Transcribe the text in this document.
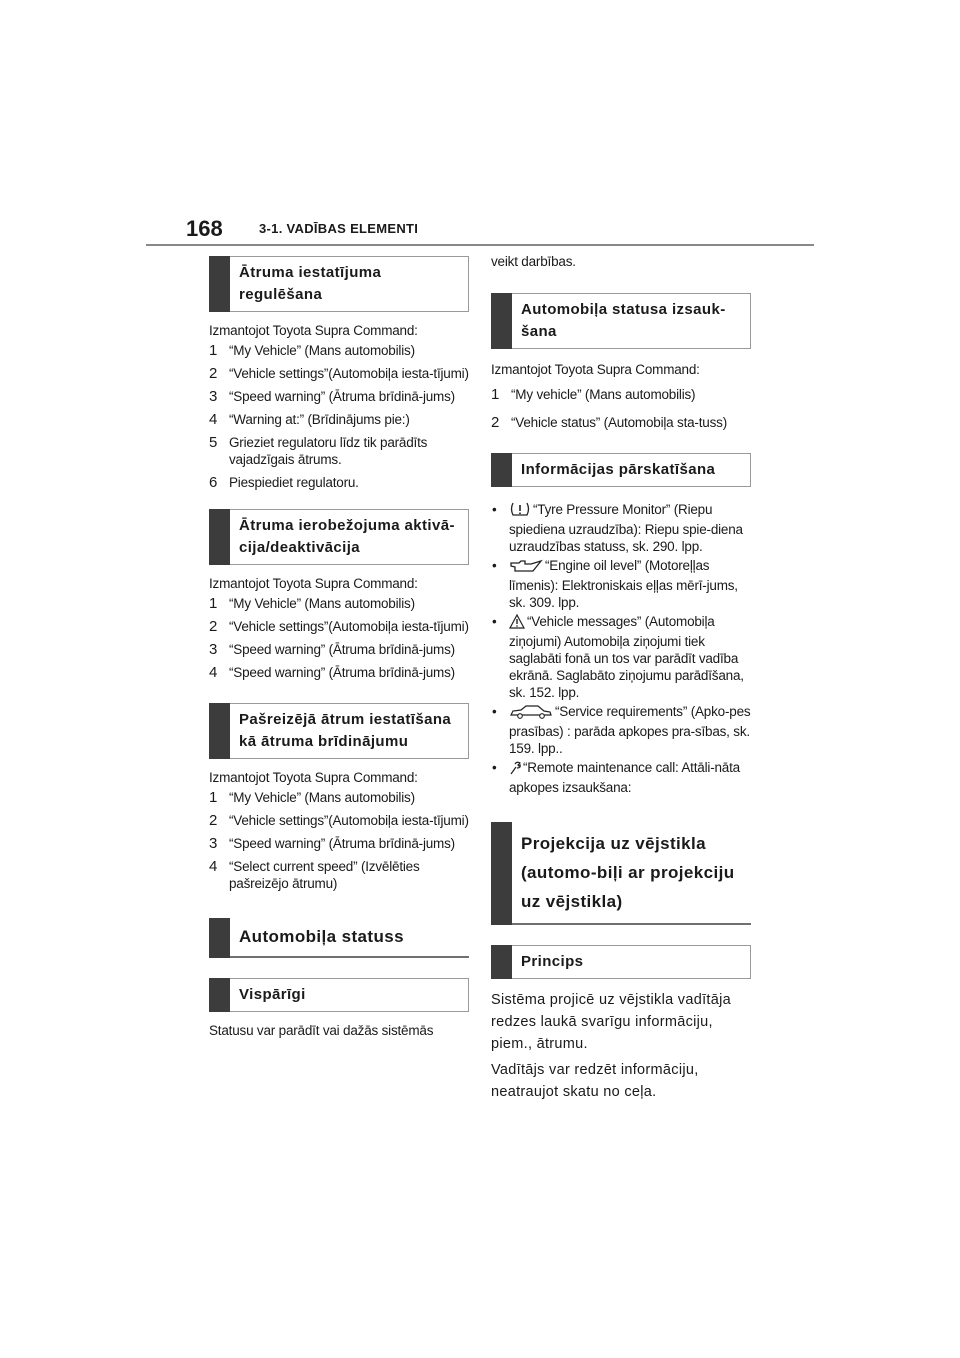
168	3-1. VADĪBAS ELEMENTI
Ātruma iestatījuma regulēšana

Izmantojot Toyota Supra Command:

1 “My Vehicle” (Mans automobilis)
2 “Vehicle settings”(Automobiļa iesta-tījumi)
3 “Speed warning” (Ātruma brīdinā-jums)
4 “Warning at:” (Brīdinājums pie:)
5 Grieziet regulatoru līdz tik parādīts vajadzīgais ātrums.
6 Piespiediet regulatoru.
Ātruma ierobežojuma aktivā-cija/deaktivācija

Izmantojot Toyota Supra Command:

1 “My Vehicle” (Mans automobilis)
2 “Vehicle settings”(Automobiļa iesta-tījumi)
3 “Speed warning” (Ātruma brīdinā-jums)
4 “Speed warning” (Ātruma brīdinā-jums)
Pašreizējā ātrum iestatīšana kā ātruma brīdinājumu

Izmantojot Toyota Supra Command:

1 “My Vehicle” (Mans automobilis)
2 “Vehicle settings”(Automobiļa iesta-tījumi)
3 “Speed warning” (Ātruma brīdinā-jums)
4 “Select current speed” (Izvēlēties pašreizējo ātrumu)
Automobiļa statuss
Vispārīgi

Statusu var parādīt vai dažās sistēmās

veikt darbības.

Automobiļa statusa izsauk-šana

Izmantojot Toyota Supra Command:

1 “My vehicle” (Mans automobilis)
2 “Vehicle status” (Automobiļa sta-tuss)
Informācijas pārskatīšana
• “Tyre Pressure Monitor” (Riepu spiediena uzraudzība): Riepu spie-diena uzraudzības statuss, sk. 290. lpp.
• “Engine oil level” (Motoreļļas līmenis): Elektroniskais eļļas mērī-jums, sk. 309. lpp.
• “Vehicle messages” (Automobiļa ziņojumi) Automobiļa ziņojumi tiek saglabāti fonā un tos var parādīt vadība ekrānā. Saglabāto ziņojumu parādīšana, sk. 152. lpp.
• “Service requirements” (Apko-pes prasības) : parāda apkopes pra-sības, sk. 159. lpp..
• “Remote maintenance call: Attāli-nāta apkopes izsaukšana:
Projekcija uz vējstikla (automo-biļi ar projekciju uz vējstikla)
Princips

Sistēma projicē uz vējstikla vadītāja redzes laukā svarīgu informāciju, piem., ātrumu.

Vadītājs var redzēt informāciju, neatraujot skatu no ceļa.
